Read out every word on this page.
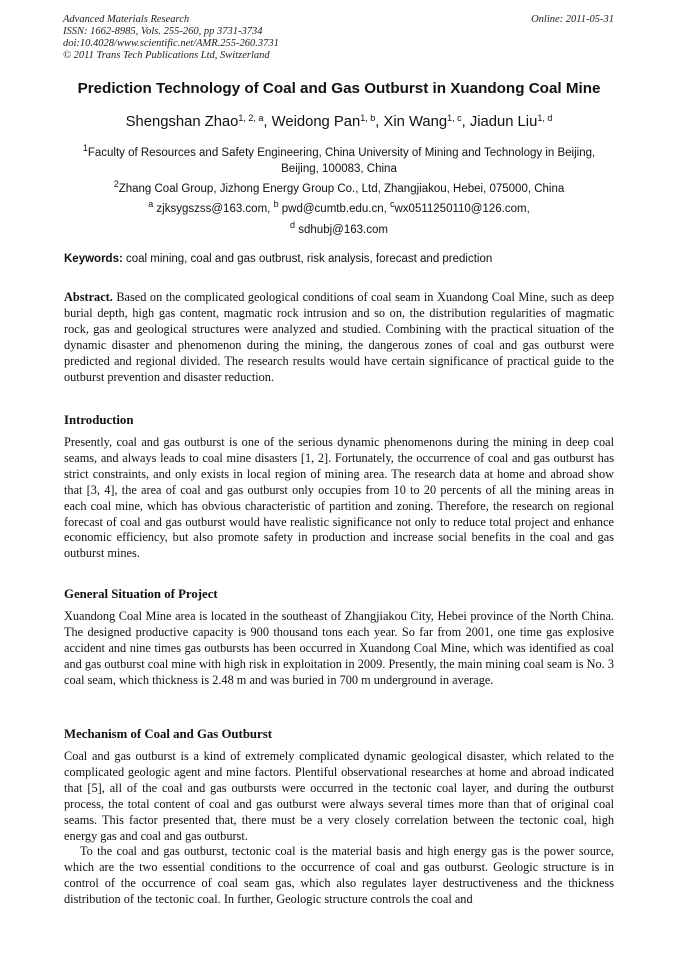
Advanced Materials Research
ISSN: 1662-8985, Vols. 255-260, pp 3731-3734
doi:10.4028/www.scientific.net/AMR.255-260.3731
© 2011 Trans Tech Publications Ltd, Switzerland
Online: 2011-05-31
Prediction Technology of Coal and Gas Outburst in Xuandong Coal Mine
Shengshan Zhao$^{1, 2, a}$, Weidong Pan$^{1, b}$, Xin Wang$^{1, c}$, Jiadun Liu$^{1, d}$
$^1$Faculty of Resources and Safety Engineering, China University of Mining and Technology in Beijing, Beijing, 100083, China
$^2$Zhang Coal Group, Jizhong Energy Group Co., Ltd, Zhangjiakou, Hebei, 075000, China
$^a$ zjksygszss@163.com, $^b$ pwd@cumtb.edu.cn, $^c$wx0511250110@126.com,
$^d$ sdhubj@163.com
Keywords: coal mining, coal and gas outbrust, risk analysis, forecast and prediction

Abstract. Based on the complicated geological conditions of coal seam in Xuandong Coal Mine, such as deep burial depth, high gas content, magmatic rock intrusion and so on, the distribution regularities of magmatic rock, gas and geological structures were analyzed and studied. Combining with the practical situation of the dynamic disaster and phenomenon during the mining, the dangerous zones of coal and gas outburst were predicted and regional divided. The research results would have certain significance of practical guide to the outburst prevention and disaster reduction.

Introduction

Presently, coal and gas outburst is one of the serious dynamic phenomenons during the mining in deep coal seams, and always leads to coal mine disasters [1, 2]. Fortunately, the occurrence of coal and gas outburst has strict constraints, and only exists in local region of mining area. The research data at home and abroad show that [3, 4], the area of coal and gas outburst only occupies from 10 to 20 percents of all the mining areas in each coal mine, which has obvious characteristic of partition and zoning. Therefore, the research on regional forecast of coal and gas outburst would have realistic significance not only to reduce total project and enhance economic efficiency, but also promote safety in production and increase social benefits in the coal and gas outburst mines.

General Situation of Project

Xuandong Coal Mine area is located in the southeast of Zhangjiakou City, Hebei province of the North China. The designed productive capacity is 900 thousand tons each year. So far from 2001, one time gas explosive accident and nine times gas outbursts has been occurred in Xuandong Coal Mine, which was identified as coal and gas outburst coal mine with high risk in exploitation in 2009. Presently, the main mining coal seam is No. 3 coal seam, which thickness is 2.48 m and was buried in 700 m underground in average.

Mechanism of Coal and Gas Outburst

Coal and gas outburst is a kind of extremely complicated dynamic geological disaster, which related to the complicated geologic agent and mine factors. Plentiful observational researches at home and abroad indicated that [5], all of the coal and gas outbursts were occurred in the tectonic coal layer, and during the outburst process, the total content of coal and gas outburst were always several times more than that of original coal seams. This factor presented that, there must be a very closely correlation between the tectonic coal, high energy gas and coal and gas outburst.

To the coal and gas outburst, tectonic coal is the material basis and high energy gas is the power source, which are the two essential conditions to the occurrence of coal and gas outburst. Geologic structure is in control of the occurrence of coal seam gas, which also regulates layer destructiveness and the thickness distribution of the tectonic coal. In further, Geologic structure controls the coal and
